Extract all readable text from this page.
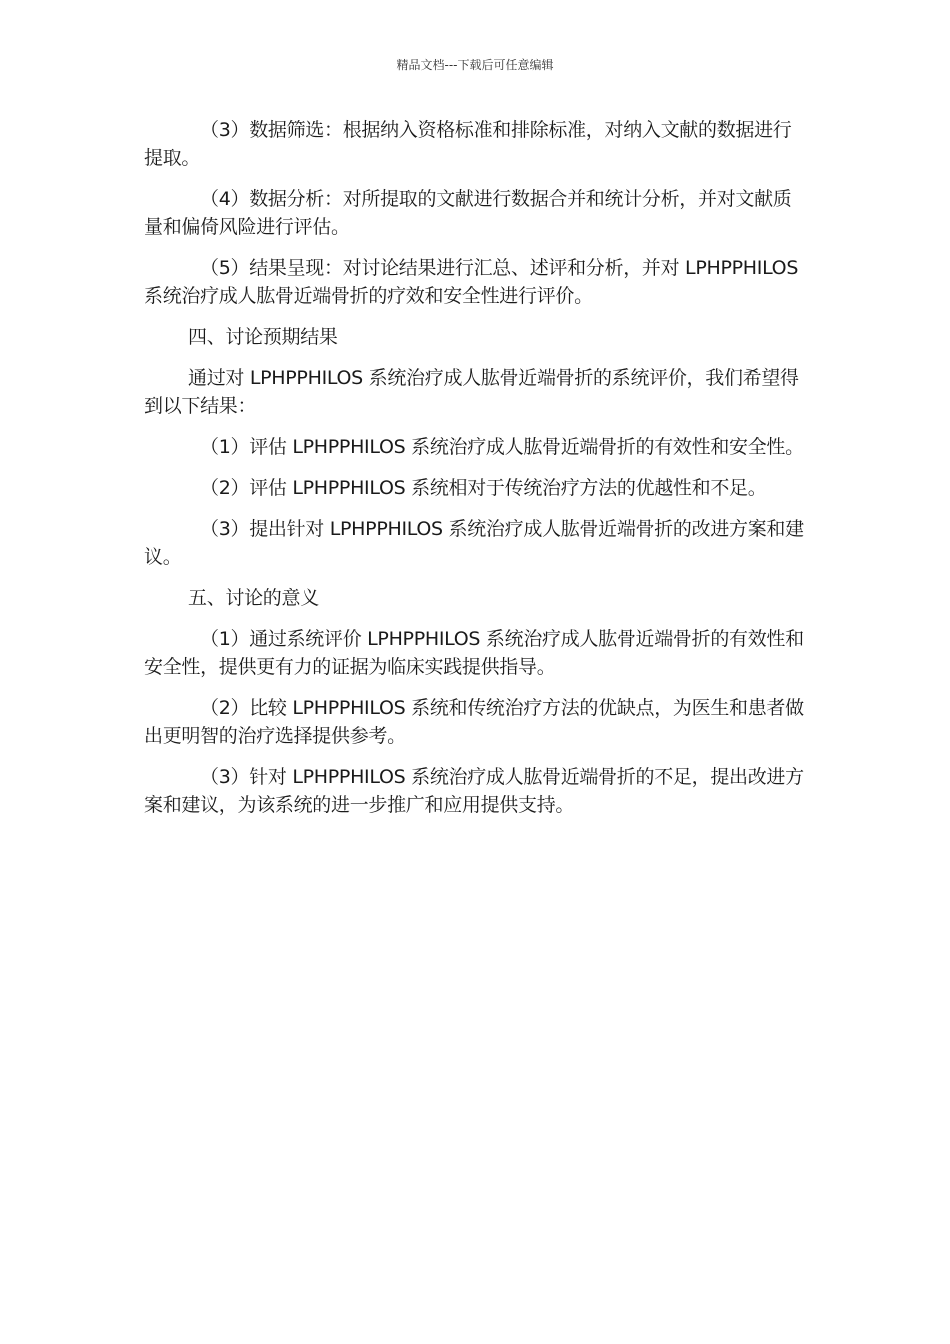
精品文档---下载后可任意编辑

（3）数据筛选：根据纳入资格标准和排除标准，对纳入文献的数据进行提取。

（4）数据分析：对所提取的文献进行数据合并和统计分析，并对文献质量和偏倚风险进行评估。

（5）结果呈现：对讨论结果进行汇总、述评和分析，并对 LPHPPHILOS 系统治疗成人肱骨近端骨折的疗效和安全性进行评价。

四、讨论预期结果

通过对 LPHPPHILOS 系统治疗成人肱骨近端骨折的系统评价，我们希望得到以下结果：

（1）评估 LPHPPHILOS 系统治疗成人肱骨近端骨折的有效性和安全性。

（2）评估 LPHPPHILOS 系统相对于传统治疗方法的优越性和不足。

（3）提出针对 LPHPPHILOS 系统治疗成人肱骨近端骨折的改进方案和建议。

五、讨论的意义

（1）通过系统评价 LPHPPHILOS 系统治疗成人肱骨近端骨折的有效性和安全性，提供更有力的证据为临床实践提供指导。

（2）比较 LPHPPHILOS 系统和传统治疗方法的优缺点，为医生和患者做出更明智的治疗选择提供参考。

（3）针对 LPHPPHILOS 系统治疗成人肱骨近端骨折的不足，提出改进方案和建议，为该系统的进一步推广和应用提供支持。
